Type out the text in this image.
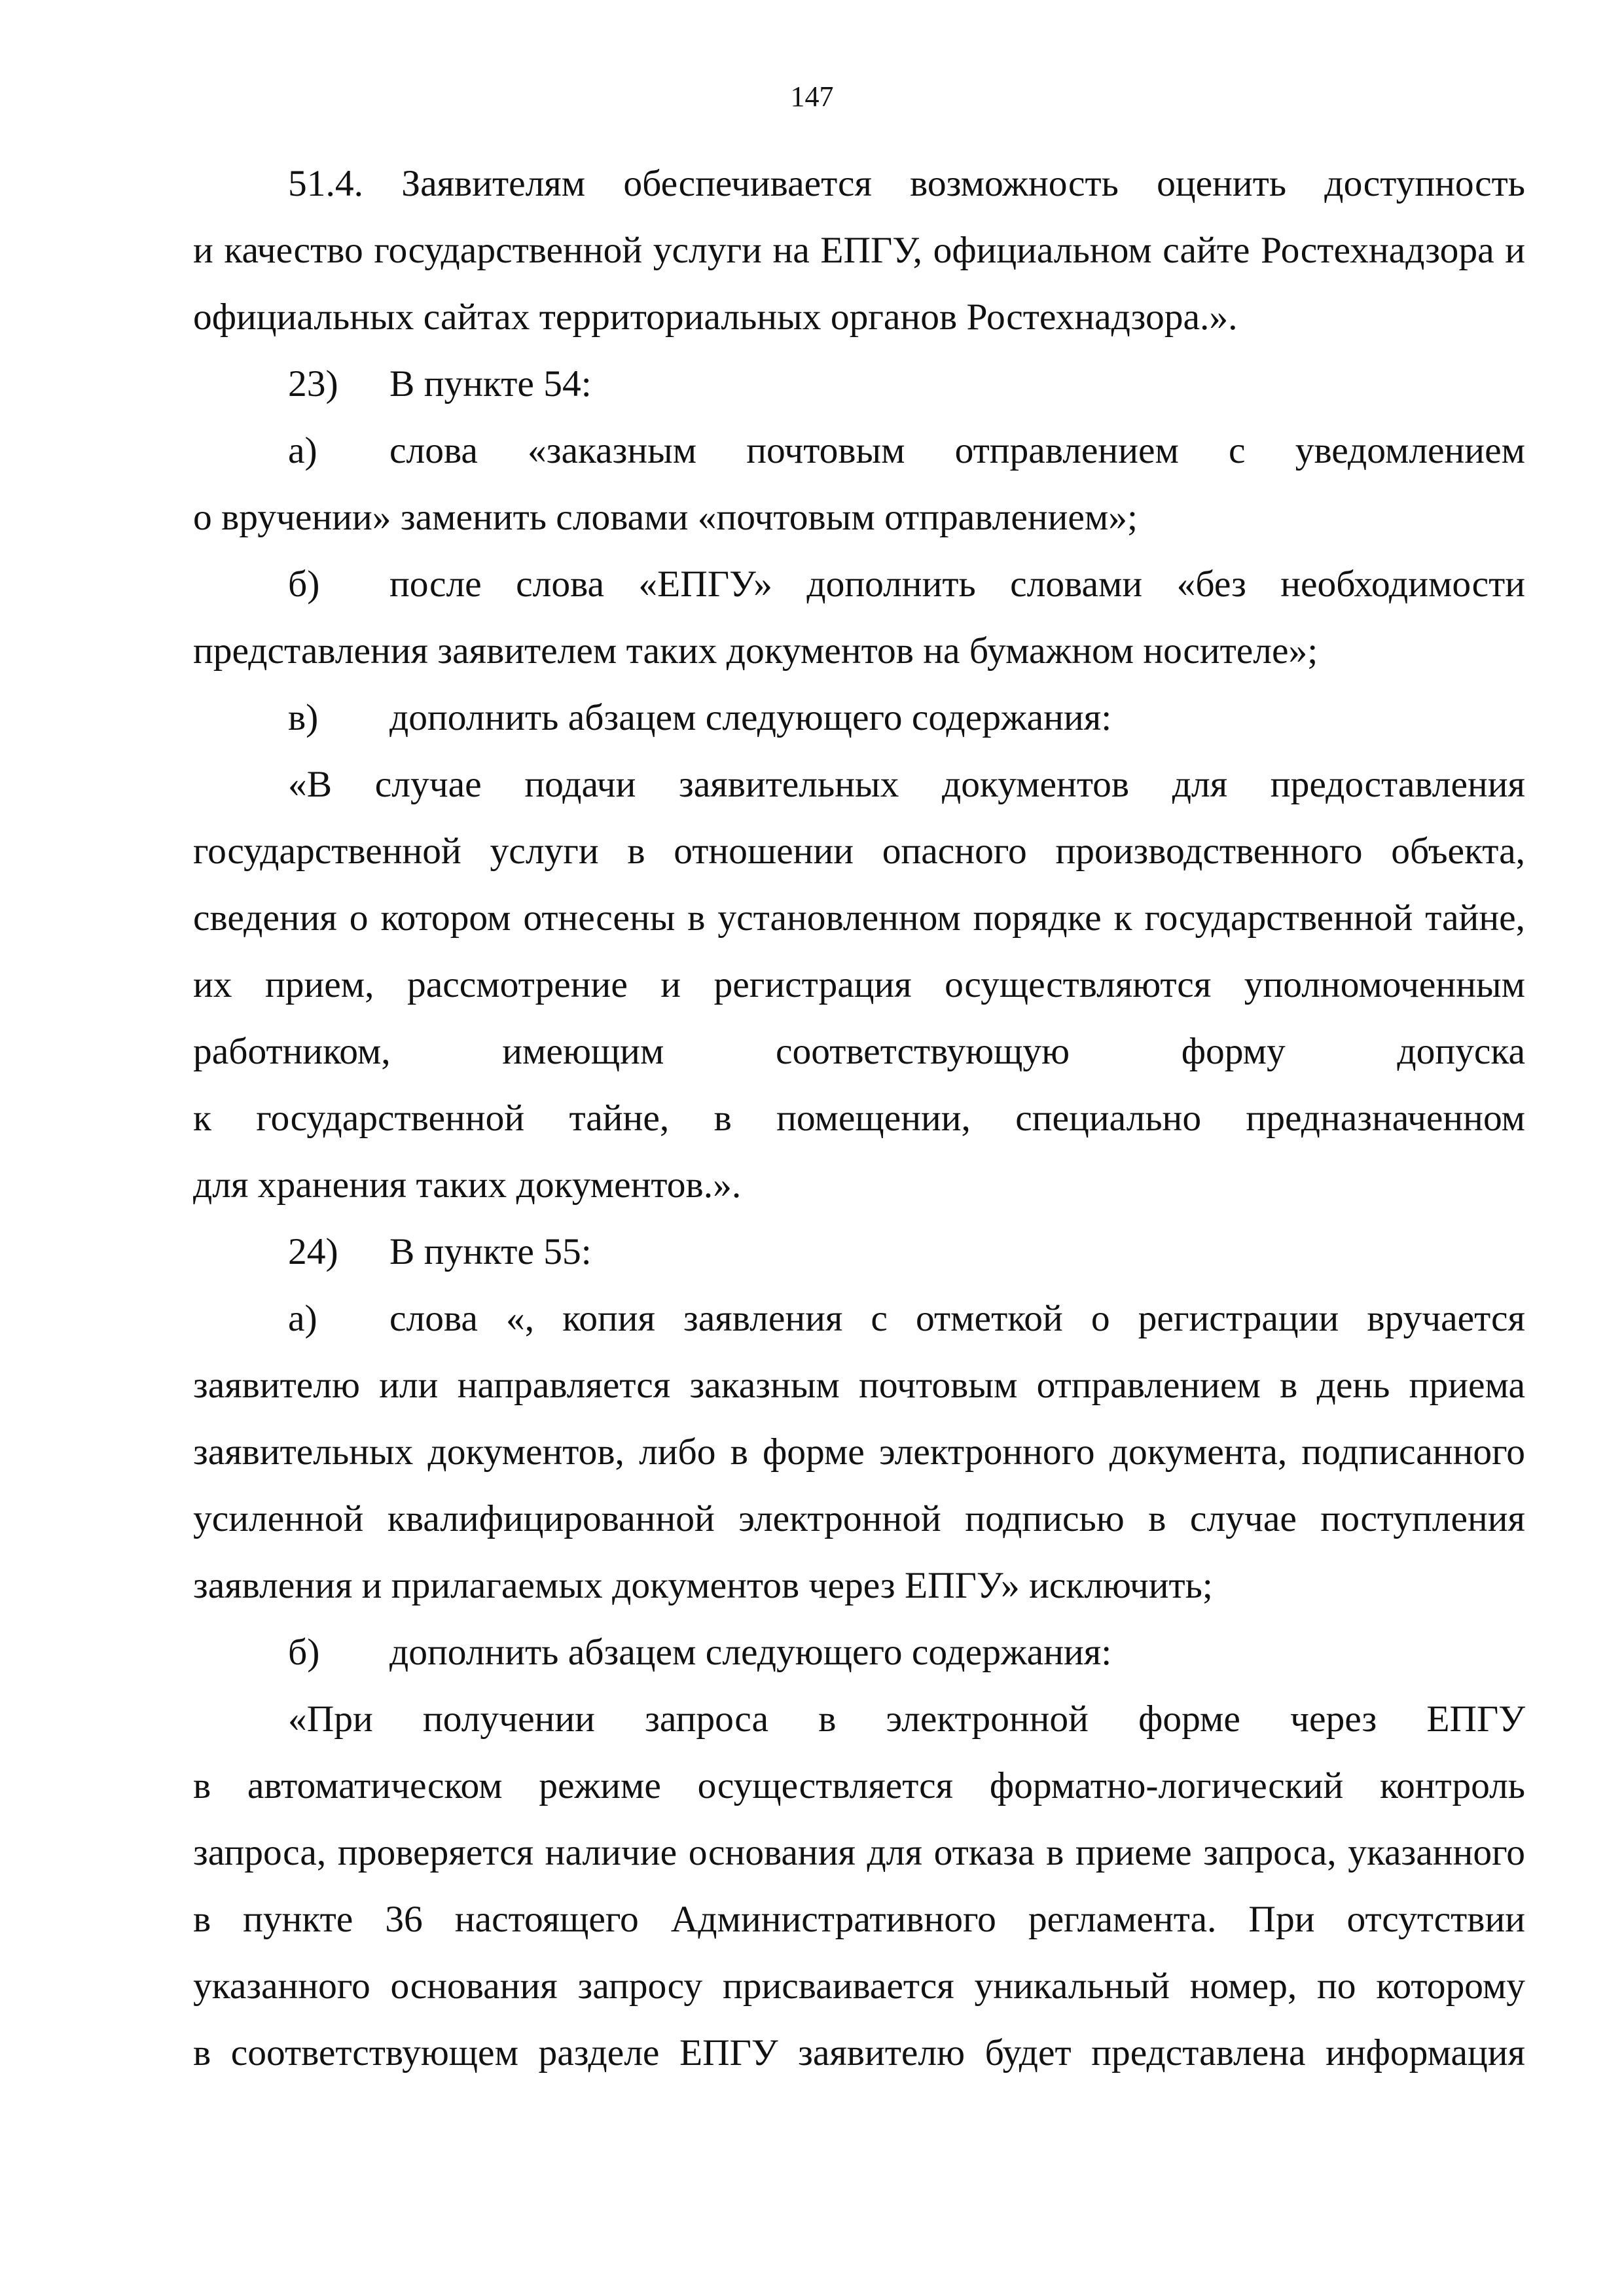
147

51.4. Заявителям обеспечивается возможность оценить доступность

и качество государственной услуги на ЕПГУ, официальном сайте Ростехнадзора и официальных сайтах территориальных органов Ростехнадзора.».

23)	В пункте 54:
а)	слова «заказным почтовым отправлением с уведомлением

о вручении» заменить словами «почтовым отправлением»;

б)	после слова «ЕПГУ» дополнить словами «без необходимости

представления заявителем таких документов на бумажном носителе»;

в)	дополнить абзацем следующего содержания:

«В случае подачи заявительных документов для предоставления

государственной услуги в отношении опасного производственного объекта,

сведения о котором отнесены в установленном порядке к государственной тайне,

их прием, рассмотрение и регистрация осуществляются уполномоченным

работником, имеющим соответствующую форму допуска

к государственной тайне, в помещении, специально предназначенном

для хранения таких документов.».

24)	В пункте 55:
а)	слова «, копия заявления с отметкой о регистрации вручается

заявителю или направляется заказным почтовым отправлением в день приема заявительных документов, либо в форме электронного документа, подписанного усиленной квалифицированной электронной подписью в случае поступления заявления и прилагаемых документов через ЕПГУ» исключить;

б)	дополнить абзацем следующего содержания:

«При получении запроса в электронной форме через ЕПГУ

в автоматическом режиме осуществляется форматно-логический контроль

запроса, проверяется наличие основания для отказа в приеме запроса, указанного

в пункте 36 настоящего Административного регламента. При отсутствии

указанного основания запросу присваивается уникальный номер, по которому

в соответствующем разделе ЕПГУ заявителю будет представлена информация
